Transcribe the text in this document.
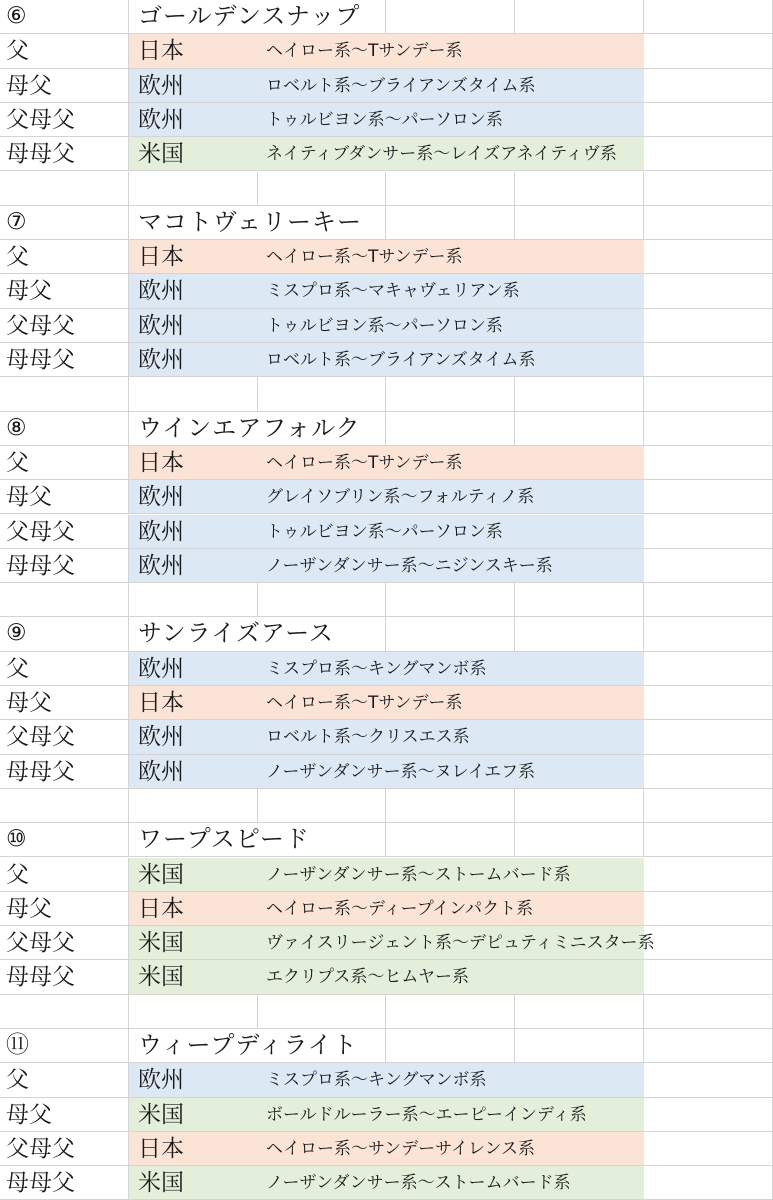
⑥	ゴールデンスナップ
父	日本	ヘイロー系～Tサンデー系
母父	欧州	ロベルト系～ブライアンズタイム系
父母父	欧州	トゥルビヨン系～パーソロン系
母母父	米国	ネイティブダンサー系～レイズアネイティヴ系
⑦	マコトヴェリーキー
父	日本	ヘイロー系～Tサンデー系
母父	欧州	ミスプロ系～マキャヴェリアン系
父母父	欧州	トゥルビヨン系～パーソロン系
母母父	欧州	ロベルト系～ブライアンズタイム系
⑧	ウインエアフォルク
父	日本	ヘイロー系～Tサンデー系
母父	欧州	グレイソブリン系～フォルティノ系
父母父	欧州	トゥルビヨン系～パーソロン系
母母父	欧州	ノーザンダンサー系～ニジンスキー系
⑨	サンライズアース
父	欧州	ミスプロ系～キングマンボ系
母父	日本	ヘイロー系～Tサンデー系
父母父	欧州	ロベルト系～クリスエス系
母母父	欧州	ノーザンダンサー系～ヌレイエフ系
⑩	ワープスピード
父	米国	ノーザンダンサー系～ストームバード系
母父	日本	ヘイロー系～ディープインパクト系
父母父	米国	ヴァイスリージェント系～デピュティミニスター系
母母父	米国	エクリプス系～ヒムヤー系
⑪	ウィープディライト
父	欧州	ミスプロ系～キングマンボ系
母父	米国	ボールドルーラー系～エーピーインディ系
父母父	日本	ヘイロー系～サンデーサイレンス系
母母父	米国	ノーザンダンサー系～ストームバード系
